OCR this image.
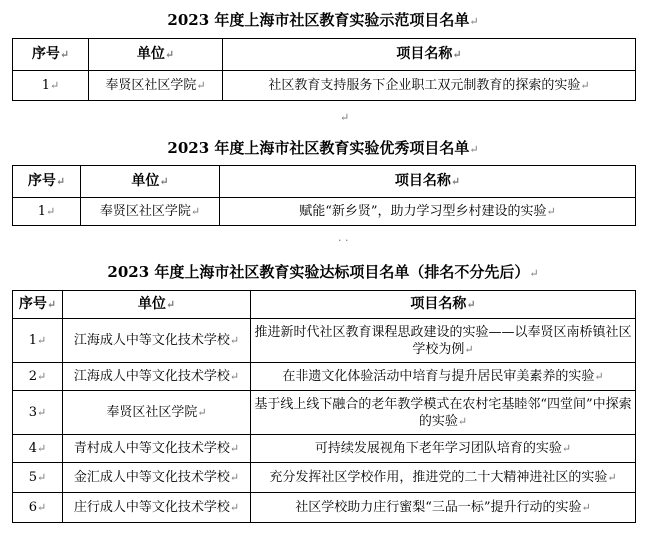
2023 年度上海市社区教育实验示范项目名单↵
序号↵	单位↵	项目名称↵
1↵	奉贤区社区学院↵	社区教育支持服务下企业职工双元制教育的探索的实验↵
↵
2023 年度上海市社区教育实验优秀项目名单↵
序号↵	单位↵	项目名称↵
1↵	奉贤区社区学院↵	赋能“新乡贤”，助力学习型乡村建设的实验↵
· ·
2023 年度上海市社区教育实验达标项目名单（排名不分先后）↵
序号↵	单位↵	项目名称↵
1↵	江海成人中等文化技术学校↵	推进新时代社区教育课程思政建设的实验——以奉贤区南桥镇社区学校为例↵
2↵	江海成人中等文化技术学校↵	在非遗文化体验活动中培育与提升居民审美素养的实验↵
3↵	奉贤区社区学院↵	基于线上线下融合的老年教学模式在农村宅基睦邻“四堂间”中探索的实验↵
4↵	青村成人中等文化技术学校↵	可持续发展视角下老年学习团队培育的实验↵
5↵	金汇成人中等文化技术学校↵	充分发挥社区学校作用，推进党的二十大精神进社区的实验↵
6↵	庄行成人中等文化技术学校↵	社区学校助力庄行蜜梨“三品一标”提升行动的实验↵
